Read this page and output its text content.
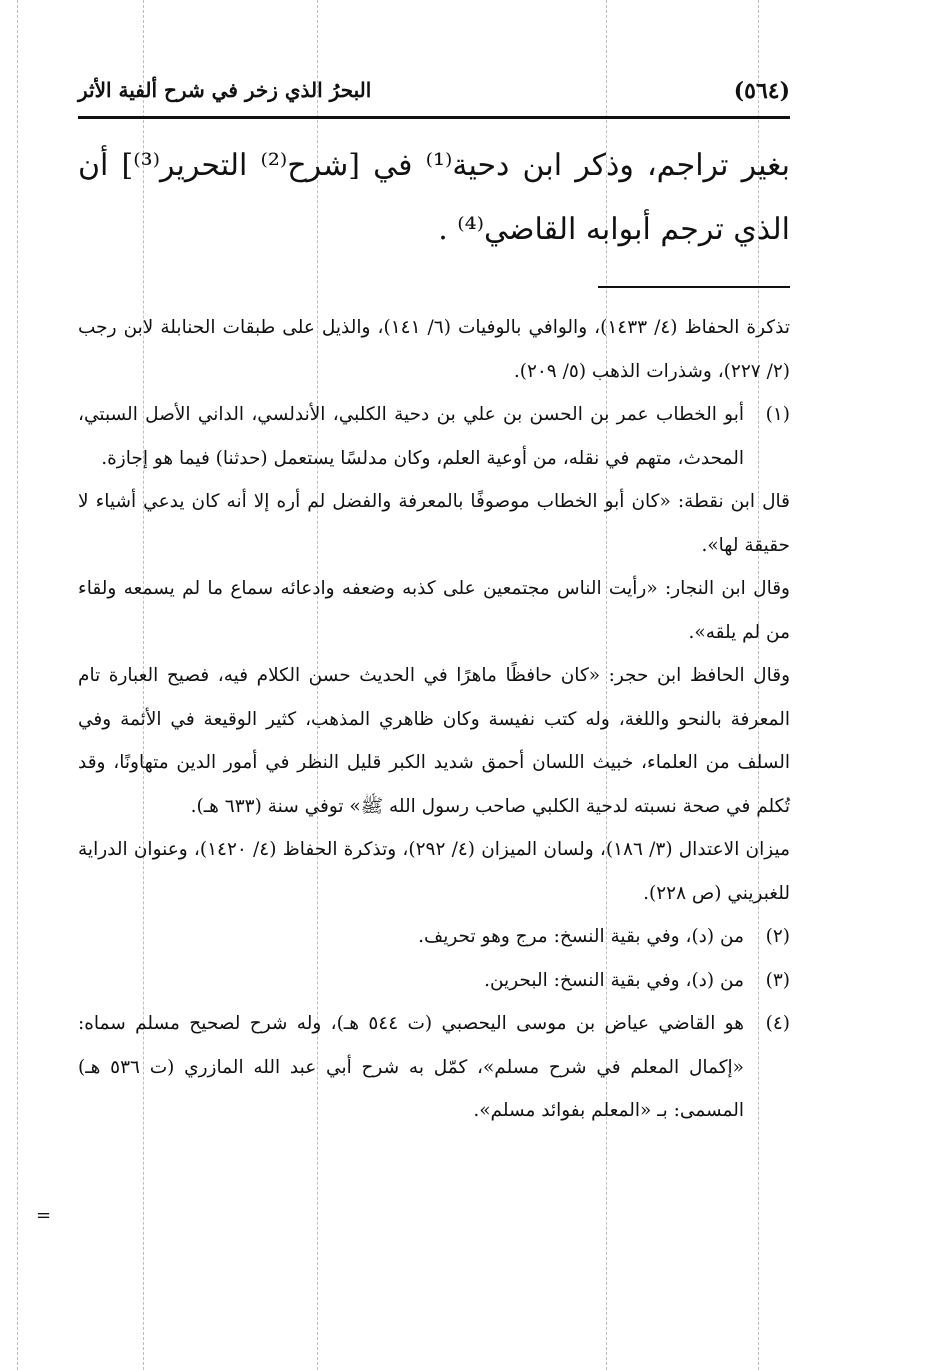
(٥٦٤)
البحرُ الذي زخر في شرح ألفية الأثر

بغير تراجم، وذكر ابن دحية⁽¹⁾ في [شرح⁽²⁾ التحرير⁽³⁾] أن الذي ترجم أبوابه القاضي⁽⁴⁾ .

تذكرة الحفاظ (٤/ ١٤٣٣)، والوافي بالوفيات (٦/ ١٤١)، والذيل على طبقات الحنابلة لابن رجب (٢/ ٢٢٧)، وشذرات الذهب (٥/ ٢٠٩).

(١)

أبو الخطاب عمر بن الحسن بن علي بن دحية الكلبي، الأندلسي، الداني الأصل السبتي، المحدث، متهم في نقله، من أوعية العلم، وكان مدلسًا يستعمل (حدثنا) فيما هو إجازة.

قال ابن نقطة: «كان أبو الخطاب موصوفًا بالمعرفة والفضل لم أره إلا أنه كان يدعي أشياء لا حقيقة لها».

وقال ابن النجار: «رأيت الناس مجتمعين على كذبه وضعفه وادعائه سماع ما لم يسمعه ولقاء من لم يلقه».

وقال الحافظ ابن حجر: «كان حافظًا ماهرًا في الحديث حسن الكلام فيه، فصيح العبارة تام المعرفة بالنحو واللغة، وله كتب نفيسة وكان ظاهري المذهب، كثير الوقيعة في الأئمة وفي السلف من العلماء، خبيث اللسان أحمق شديد الكبر قليل النظر في أمور الدين متهاونًا، وقد تُكلم في صحة نسبته لدحية الكلبي صاحب رسول الله ﷺ» توفي سنة (٦٣٣ هـ).

ميزان الاعتدال (٣/ ١٨٦)، ولسان الميزان (٤/ ٢٩٢)، وتذكرة الحفاظ (٤/ ١٤٢٠)، وعنوان الدراية للغبريني (ص ٢٢٨).

(٢)

من (د)، وفي بقية النسخ: مرج وهو تحريف.

(٣)

من (د)، وفي بقية النسخ: البحرين.

(٤)

هو القاضي عياض بن موسى اليحصبي (ت ٥٤٤ هـ)، وله شرح لصحيح مسلم سماه: «إكمال المعلم في شرح مسلم»، كمّل به شرح أبي عبد الله المازري (ت ٥٣٦ هـ) المسمى: بـ «المعلم بفوائد مسلم».

=
